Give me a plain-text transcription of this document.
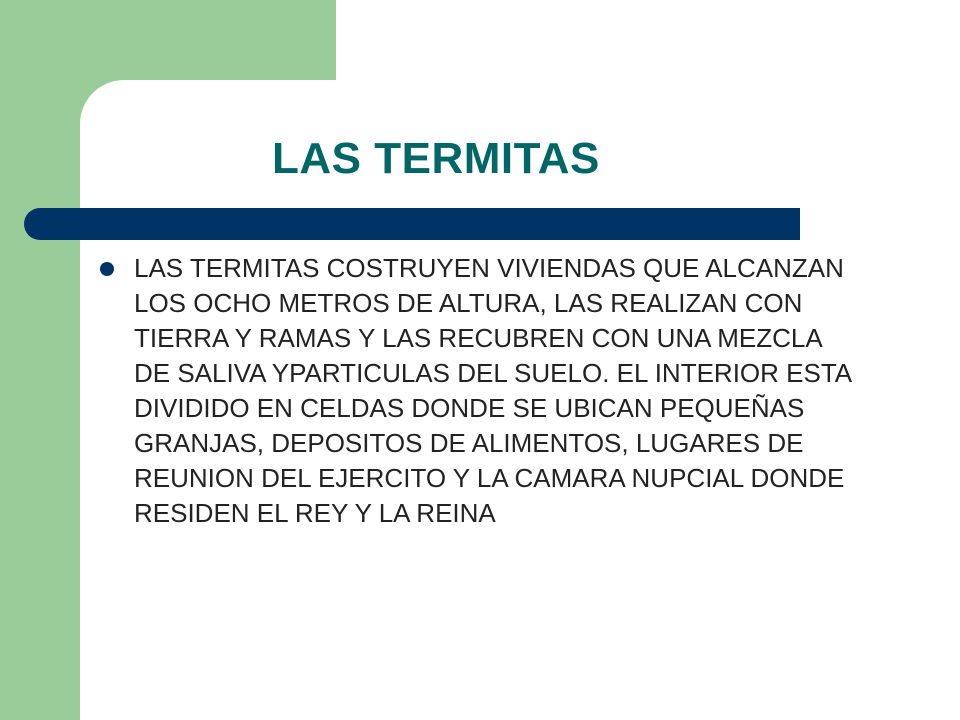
LAS TERMITAS

LAS TERMITAS COSTRUYEN VIVIENDAS QUE ALCANZAN LOS OCHO METROS DE ALTURA, LAS REALIZAN CON TIERRA Y RAMAS Y LAS RECUBREN CON UNA MEZCLA DE SALIVA YPARTICULAS DEL SUELO. EL INTERIOR ESTA DIVIDIDO EN CELDAS DONDE SE UBICAN PEQUEÑAS GRANJAS, DEPOSITOS DE ALIMENTOS, LUGARES DE REUNION DEL EJERCITO Y LA CAMARA NUPCIAL DONDE RESIDEN EL REY Y LA REINA
